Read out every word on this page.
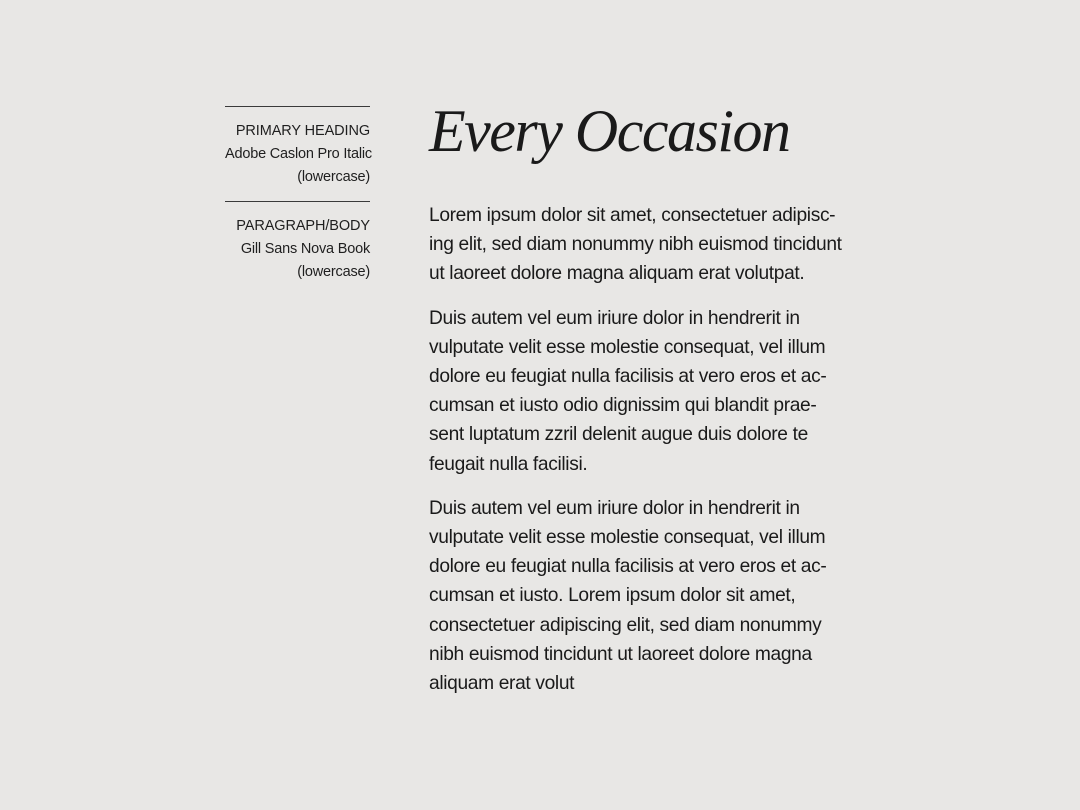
PRIMARY HEADING
Adobe Caslon Pro Italic
(lowercase)
PARAGRAPH/BODY
Gill Sans Nova Book
(lowercase)
Every Occasion

Lorem ipsum dolor sit amet, consectetuer adipisc-
ing elit, sed diam nonummy nibh euismod tincidunt
ut laoreet dolore magna aliquam erat volutpat.

Duis autem vel eum iriure dolor in hendrerit in
vulputate velit esse molestie consequat, vel illum
dolore eu feugiat nulla facilisis at vero eros et ac-
cumsan et iusto odio dignissim qui blandit prae-
sent luptatum zzril delenit augue duis dolore te
feugait nulla facilisi.

Duis autem vel eum iriure dolor in hendrerit in
vulputate velit esse molestie consequat, vel illum
dolore eu feugiat nulla facilisis at vero eros et ac-
cumsan et iusto. Lorem ipsum dolor sit amet,
consectetuer adipiscing elit, sed diam nonummy
nibh euismod tincidunt ut laoreet dolore magna
aliquam erat volut
